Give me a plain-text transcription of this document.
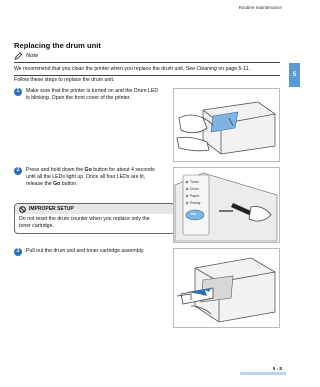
Routine maintenance
5
Replacing the drum unit
Note
We recommend that you clean the printer when you replace the drum unit. See Cleaning on page 5-11.
Follow these steps to replace the drum unit.
1	Make sure that the printer is turned on and the Drum LED
is blinking. Open the front cover of the printer.
2	Press and hold down the Go button for about 4 seconds
until all the LEDs light up. Once all four LEDs are lit,
release the Go button.
IMPROPER SETUP
Do not reset the drum counter when you replace only the
toner cartridge.
3	Pull out the drum unit and toner cartridge assembly.
Toner
Drum
Paper
Ready
Go
5 - 8
